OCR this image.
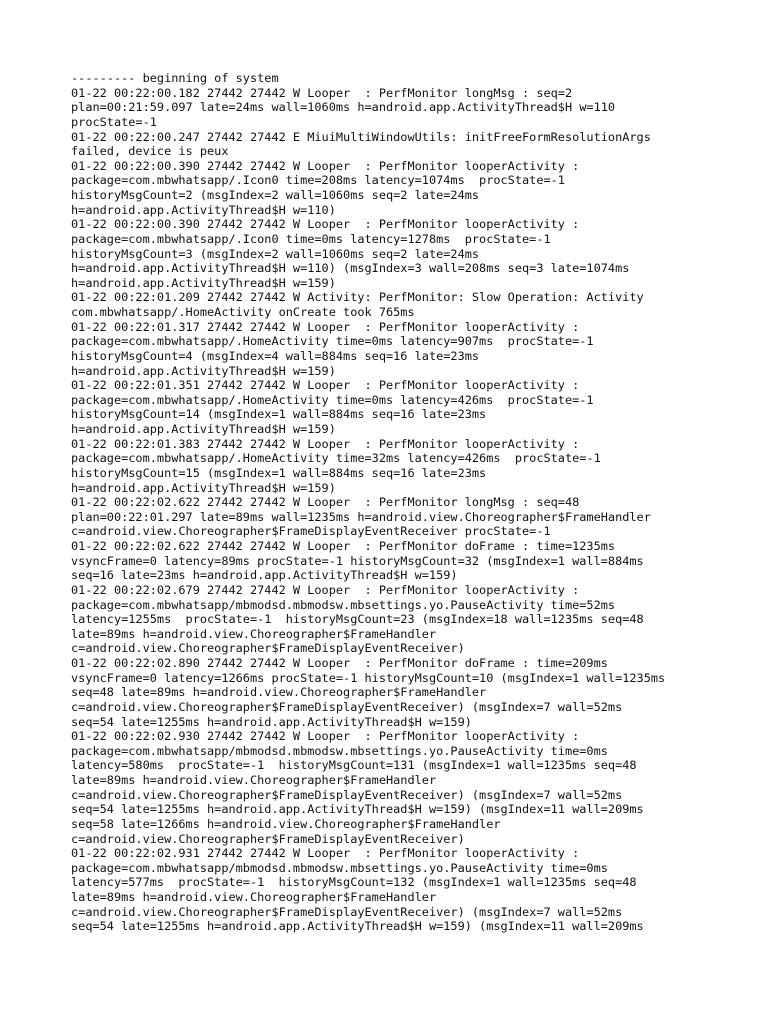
--------- beginning of system
01-22 00:22:00.182 27442 27442 W Looper  : PerfMonitor longMsg : seq=2
plan=00:21:59.097 late=24ms wall=1060ms h=android.app.ActivityThread$H w=110
procState=-1
01-22 00:22:00.247 27442 27442 E MiuiMultiWindowUtils: initFreeFormResolutionArgs
failed, device is peux
01-22 00:22:00.390 27442 27442 W Looper  : PerfMonitor looperActivity :
package=com.mbwhatsapp/.Icon0 time=208ms latency=1074ms  procState=-1
historyMsgCount=2 (msgIndex=2 wall=1060ms seq=2 late=24ms
h=android.app.ActivityThread$H w=110)
01-22 00:22:00.390 27442 27442 W Looper  : PerfMonitor looperActivity :
package=com.mbwhatsapp/.Icon0 time=0ms latency=1278ms  procState=-1
historyMsgCount=3 (msgIndex=2 wall=1060ms seq=2 late=24ms
h=android.app.ActivityThread$H w=110) (msgIndex=3 wall=208ms seq=3 late=1074ms
h=android.app.ActivityThread$H w=159)
01-22 00:22:01.209 27442 27442 W Activity: PerfMonitor: Slow Operation: Activity
com.mbwhatsapp/.HomeActivity onCreate took 765ms
01-22 00:22:01.317 27442 27442 W Looper  : PerfMonitor looperActivity :
package=com.mbwhatsapp/.HomeActivity time=0ms latency=907ms  procState=-1
historyMsgCount=4 (msgIndex=4 wall=884ms seq=16 late=23ms
h=android.app.ActivityThread$H w=159)
01-22 00:22:01.351 27442 27442 W Looper  : PerfMonitor looperActivity :
package=com.mbwhatsapp/.HomeActivity time=0ms latency=426ms  procState=-1
historyMsgCount=14 (msgIndex=1 wall=884ms seq=16 late=23ms
h=android.app.ActivityThread$H w=159)
01-22 00:22:01.383 27442 27442 W Looper  : PerfMonitor looperActivity :
package=com.mbwhatsapp/.HomeActivity time=32ms latency=426ms  procState=-1
historyMsgCount=15 (msgIndex=1 wall=884ms seq=16 late=23ms
h=android.app.ActivityThread$H w=159)
01-22 00:22:02.622 27442 27442 W Looper  : PerfMonitor longMsg : seq=48
plan=00:22:01.297 late=89ms wall=1235ms h=android.view.Choreographer$FrameHandler
c=android.view.Choreographer$FrameDisplayEventReceiver procState=-1
01-22 00:22:02.622 27442 27442 W Looper  : PerfMonitor doFrame : time=1235ms
vsyncFrame=0 latency=89ms procState=-1 historyMsgCount=32 (msgIndex=1 wall=884ms
seq=16 late=23ms h=android.app.ActivityThread$H w=159)
01-22 00:22:02.679 27442 27442 W Looper  : PerfMonitor looperActivity :
package=com.mbwhatsapp/mbmodsd.mbmodsw.mbsettings.yo.PauseActivity time=52ms
latency=1255ms  procState=-1  historyMsgCount=23 (msgIndex=18 wall=1235ms seq=48
late=89ms h=android.view.Choreographer$FrameHandler
c=android.view.Choreographer$FrameDisplayEventReceiver)
01-22 00:22:02.890 27442 27442 W Looper  : PerfMonitor doFrame : time=209ms
vsyncFrame=0 latency=1266ms procState=-1 historyMsgCount=10 (msgIndex=1 wall=1235ms
seq=48 late=89ms h=android.view.Choreographer$FrameHandler
c=android.view.Choreographer$FrameDisplayEventReceiver) (msgIndex=7 wall=52ms
seq=54 late=1255ms h=android.app.ActivityThread$H w=159)
01-22 00:22:02.930 27442 27442 W Looper  : PerfMonitor looperActivity :
package=com.mbwhatsapp/mbmodsd.mbmodsw.mbsettings.yo.PauseActivity time=0ms
latency=580ms  procState=-1  historyMsgCount=131 (msgIndex=1 wall=1235ms seq=48
late=89ms h=android.view.Choreographer$FrameHandler
c=android.view.Choreographer$FrameDisplayEventReceiver) (msgIndex=7 wall=52ms
seq=54 late=1255ms h=android.app.ActivityThread$H w=159) (msgIndex=11 wall=209ms
seq=58 late=1266ms h=android.view.Choreographer$FrameHandler
c=android.view.Choreographer$FrameDisplayEventReceiver)
01-22 00:22:02.931 27442 27442 W Looper  : PerfMonitor looperActivity :
package=com.mbwhatsapp/mbmodsd.mbmodsw.mbsettings.yo.PauseActivity time=0ms
latency=577ms  procState=-1  historyMsgCount=132 (msgIndex=1 wall=1235ms seq=48
late=89ms h=android.view.Choreographer$FrameHandler
c=android.view.Choreographer$FrameDisplayEventReceiver) (msgIndex=7 wall=52ms
seq=54 late=1255ms h=android.app.ActivityThread$H w=159) (msgIndex=11 wall=209ms
